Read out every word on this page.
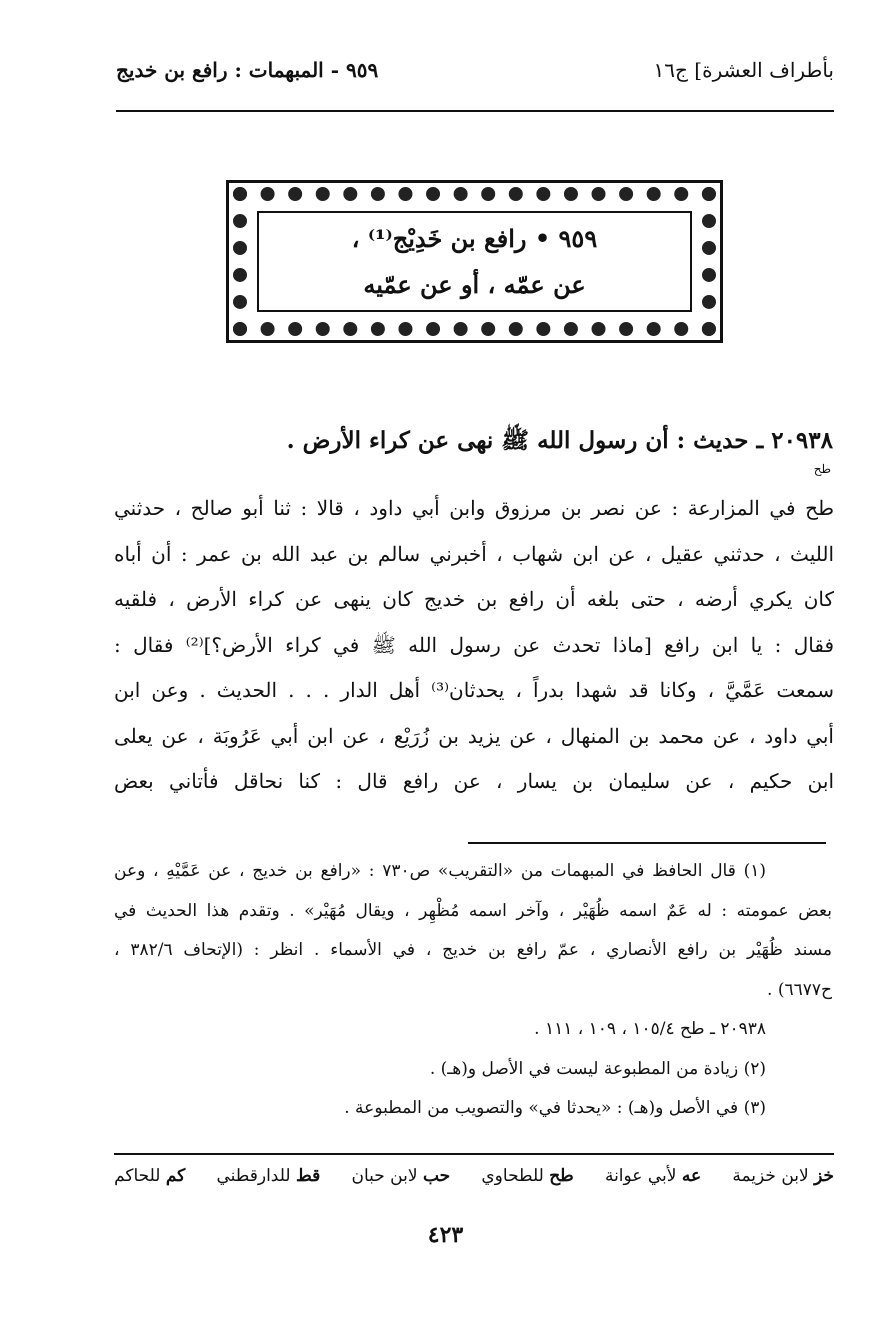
بأطراف العشرة] ج١٦
٩٥٩ - المبهمات : رافع بن خديج
٩٥٩ • رافع بن خَدِيْج⁽¹⁾ ،
عن عمّه ، أو عن عمّيه
٢٠٩٣٨ ـ حديث : أن رسول الله ﷺ نهى عن كراء الأرض .
طح
طح في المزارعة : عن نصر بن مرزوق وابن أبي داود ، قالا : ثنا أبو صالح ، حدثني
الليث ، حدثني عقيل ، عن ابن شهاب ، أخبرني سالم بن عبد الله بن عمر : أن أباه
كان يكري أرضه ، حتى بلغه أن رافع بن خديج كان ينهى عن كراء الأرض ، فلقيه
فقال : يا ابن رافع [ماذا تحدث عن رسول الله ﷺ في كراء الأرض؟]⁽²⁾ فقال :
سمعت عَمَّيَّ ، وكانا قد شهدا بدراً ، يحدثان⁽³⁾ أهل الدار . . . الحديث . وعن ابن
أبي داود ، عن محمد بن المنهال ، عن يزيد بن زُرَيْع ، عن ابن أبي عَرُوبَة ، عن يعلى
ابن حكيم ، عن سليمان بن يسار ، عن رافع قال : كنا نحاقل فأتاني بعض
(١) قال الحافظ في المبهمات من «التقريب» ص٧٣٠ : «رافع بن خديج ، عن عَمَّيْهِ ، وعن
بعض عمومته : له عَمٌ اسمه ظُهَيْر ، وآخر اسمه مُظْهِر ، ويقال مُهَيْر» . وتقدم هذا الحديث في
مسند ظُهَيْر بن رافع الأنصاري ، عمّ رافع بن خديج ، في الأسماء . انظر : (الإتحاف ٣٨٢/٦ ،
ح٦٦٧٧) .
٢٠٩٣٨ ـ طح ١٠٥/٤ ، ١٠٩ ، ١١١ .
(٢) زيادة من المطبوعة ليست في الأصل و(هـ) .
(٣) في الأصل و(هـ) : «يحدثا في» والتصويب من المطبوعة .
خز لابن خزيمة
عه لأبي عوانة
طح للطحاوي
حب لابن حبان
قط للدارقطني
كم للحاكم
٤٢٣
